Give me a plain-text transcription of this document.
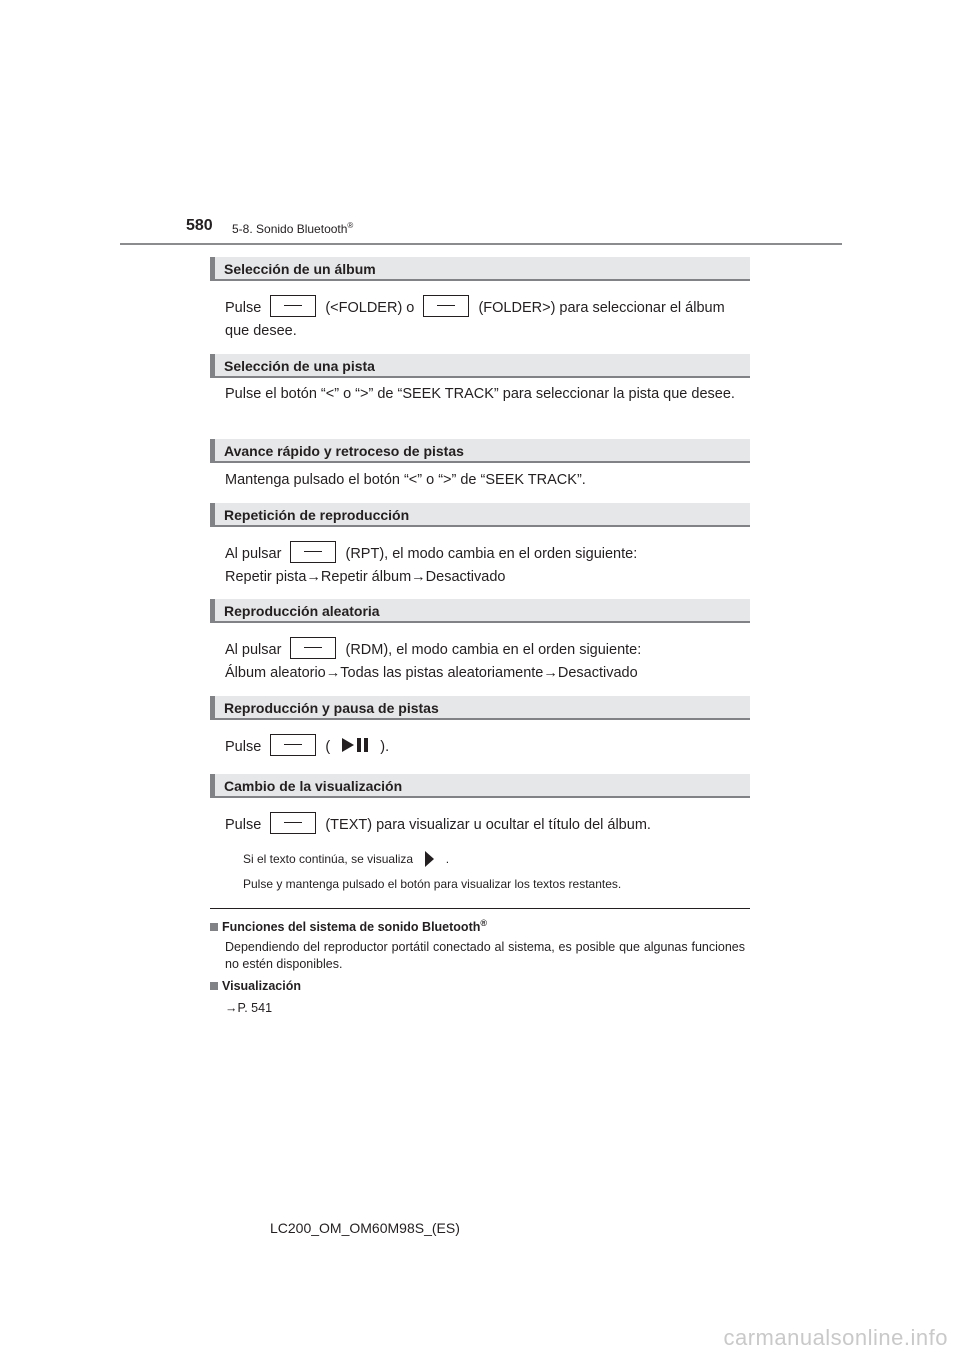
580 5-8. Sonido Bluetooth®
Selección de un álbum
Pulse	(<FOLDER) o	(FOLDER>) para seleccionar el álbum
que desee.
Selección de una pista
Pulse el botón “<” o “>” de “SEEK TRACK” para seleccionar la pista que desee.
Avance rápido y retroceso de pistas
Mantenga pulsado el botón “<” o “>” de “SEEK TRACK”.
Repetición de reproducción
Al pulsar	(RPT), el modo cambia en el orden siguiente:
Repetir pista→Repetir álbum→Desactivado
Reproducción aleatoria
Al pulsar	(RDM), el modo cambia en el orden siguiente:
Álbum aleatorio→Todas las pistas aleatoriamente→Desactivado
Reproducción y pausa de pistas
Pulse	(	).
Cambio de la visualización
Pulse	(TEXT) para visualizar u ocultar el título del álbum.
Si el texto continúa, se visualiza	.
Pulse y mantenga pulsado el botón para visualizar los textos restantes.
Funciones del sistema de sonido Bluetooth®
Dependiendo del reproductor portátil conectado al sistema, es posible que algunas funciones no estén disponibles.
Visualización
→P. 541
LC200_OM_OM60M98S_(ES)
carmanualsonline.info
